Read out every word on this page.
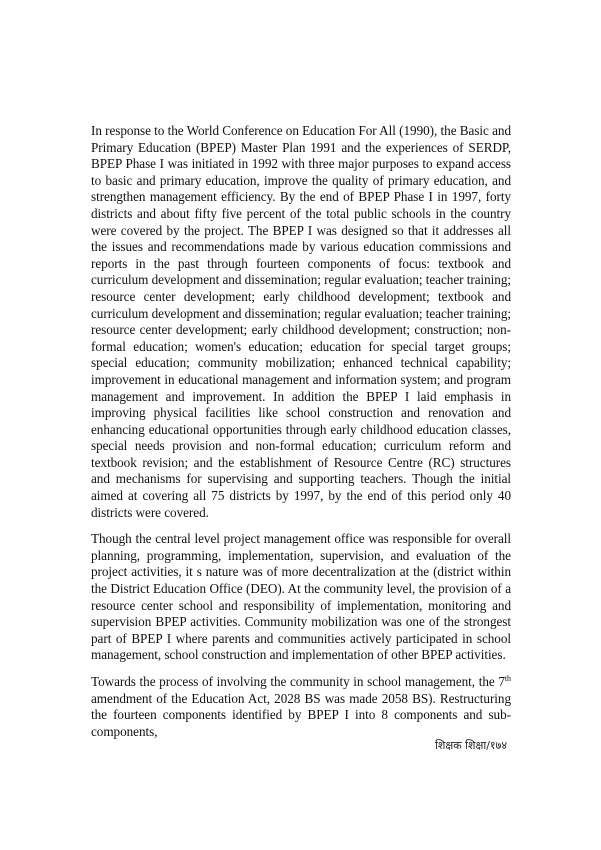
In response to the World Conference on Education For All (1990), the Basic and Primary Education (BPEP) Master Plan 1991 and the experiences of SERDP, BPEP Phase I was initiated in 1992 with three major purposes to expand access to basic and primary education, improve the quality of primary education, and strengthen management efficiency. By the end of BPEP Phase I in 1997, forty districts and about fifty five percent of the total public schools in the country were covered by the project. The BPEP I was designed so that it addresses all the issues and recommendations made by various education commissions and reports in the past through fourteen components of focus: textbook and curriculum development and dissemination; regular evaluation; teacher training; resource center development; early childhood development; textbook and curriculum development and dissemination; regular evaluation; teacher training; resource center development; early childhood development; construction; non-formal education; women's education; education for special target groups; special education; community mobilization; enhanced technical capability; improvement in educational management and information system; and program management and improvement. In addition the BPEP I laid emphasis in improving physical facilities like school construction and renovation and enhancing educational opportunities through early childhood education classes, special needs provision and non-formal education; curriculum reform and textbook revision; and the establishment of Resource Centre (RC) structures and mechanisms for supervising and supporting teachers. Though the initial aimed at covering all 75 districts by 1997, by the end of this period only 40 districts were covered.

Though the central level project management office was responsible for overall planning, programming, implementation, supervision, and evaluation of the project activities, it s nature was of more decentralization at the (district within the District Education Office (DEO). At the community level, the provision of a resource center school and responsibility of implementation, monitoring and supervision BPEP activities. Community mobilization was one of the strongest part of BPEP I where parents and communities actively participated in school management, school construction and implementation of other BPEP activities.

Towards the process of involving the community in school management, the 7th amendment of the Education Act, 2028 BS was made 2058 BS). Restructuring the fourteen components identified by BPEP I into 8 components and sub-components,

शिक्षक शिक्षा/१७४
